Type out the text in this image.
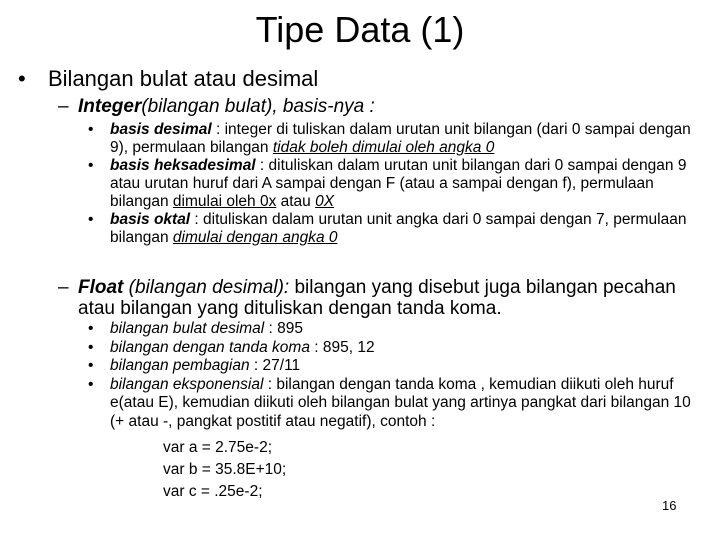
Tipe Data (1)
• Bilangan bulat atau desimal
– Integer(bilangan bulat), basis-nya :
• basis desimal : integer di tuliskan dalam urutan unit bilangan (dari 0 sampai dengan 9), permulaan bilangan tidak boleh dimulai oleh angka 0
• basis heksadesimal : dituliskan dalam urutan unit bilangan dari 0 sampai dengan 9 atau urutan huruf dari A sampai dengan F (atau a sampai dengan f), permulaan bilangan dimulai oleh 0x atau 0X
• basis oktal : dituliskan dalam urutan unit angka dari 0 sampai dengan 7, permulaan bilangan dimulai dengan angka 0
– Float (bilangan desimal): bilangan yang disebut juga bilangan pecahan atau bilangan yang dituliskan dengan tanda koma.
• bilangan bulat desimal : 895
• bilangan dengan tanda koma : 895, 12
• bilangan pembagian : 27/11
• bilangan eksponensial : bilangan dengan tanda koma , kemudian diikuti oleh huruf e(atau E), kemudian diikuti oleh bilangan bulat yang artinya pangkat dari bilangan 10 (+ atau -, pangkat postitif atau negatif), contoh :
var a = 2.75e-2;
var b = 35.8E+10;
var c = .25e-2;
16
